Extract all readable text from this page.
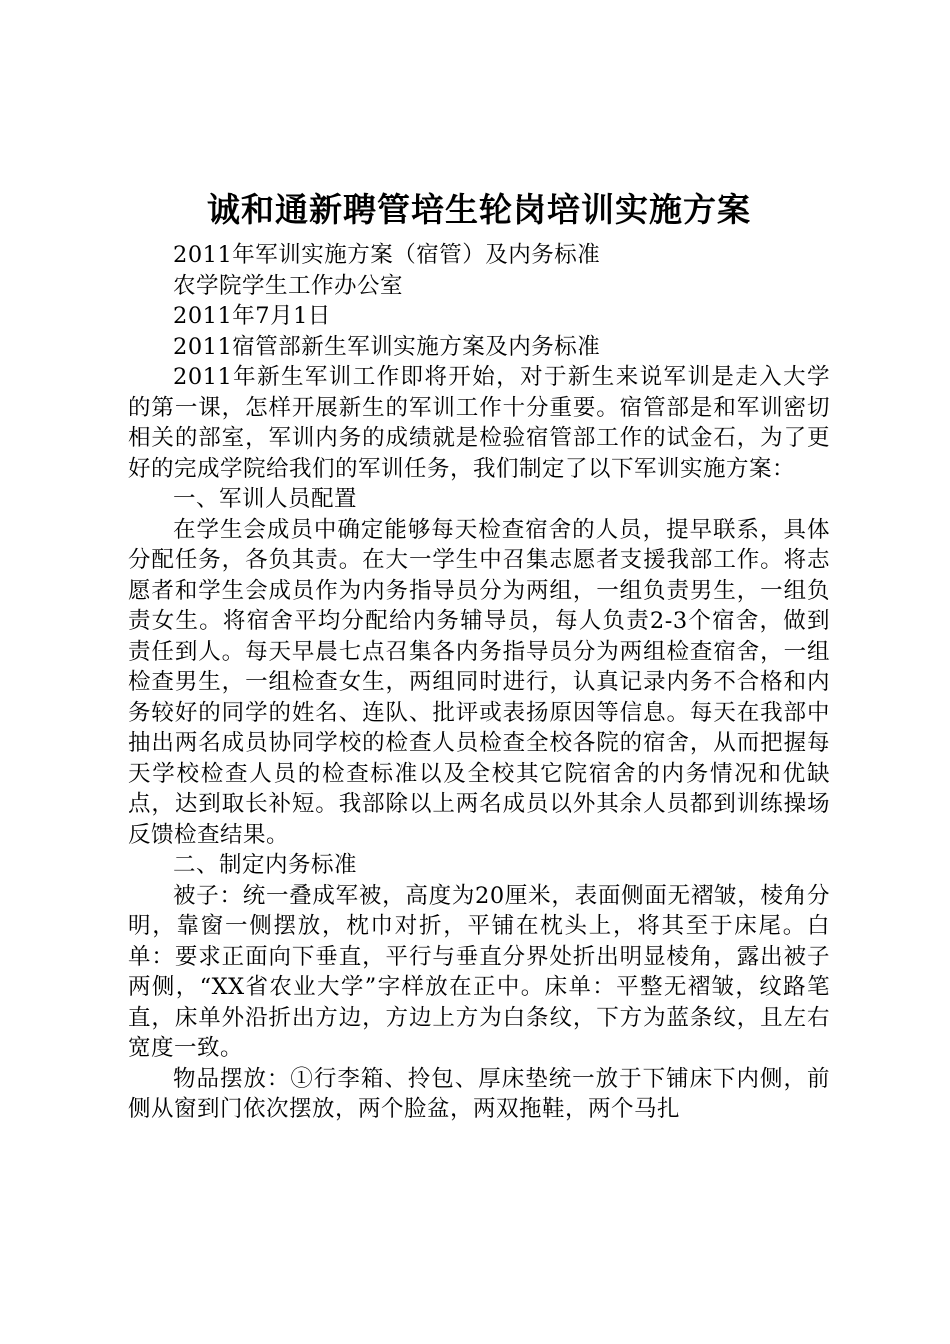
诚和通新聘管培生轮岗培训实施方案

2011年军训实施方案（宿管）及内务标准

农学院学生工作办公室

2011年7月1日

2011宿管部新生军训实施方案及内务标准

2011年新生军训工作即将开始，对于新生来说军训是走入大学的第一课，怎样开展新生的军训工作十分重要。宿管部是和军训密切相关的部室，军训内务的成绩就是检验宿管部工作的试金石，为了更好的完成学院给我们的军训任务，我们制定了以下军训实施方案：

一、军训人员配置

在学生会成员中确定能够每天检查宿舍的人员，提早联系，具体分配任务，各负其责。在大一学生中召集志愿者支援我部工作。将志愿者和学生会成员作为内务指导员分为两组，一组负责男生，一组负责女生。将宿舍平均分配给内务辅导员，每人负责2-3个宿舍，做到责任到人。每天早晨七点召集各内务指导员分为两组检查宿舍，一组检查男生，一组检查女生，两组同时进行，认真记录内务不合格和内务较好的同学的姓名、连队、批评或表扬原因等信息。每天在我部中抽出两名成员协同学校的检查人员检查全校各院的宿舍，从而把握每天学校检查人员的检查标准以及全校其它院宿舍的内务情况和优缺点，达到取长补短。我部除以上两名成员以外其余人员都到训练操场反馈检查结果。

二、制定内务标准

被子：统一叠成军被，高度为20厘米，表面侧面无褶皱，棱角分明，靠窗一侧摆放，枕巾对折，平铺在枕头上，将其至于床尾。白单：要求正面向下垂直，平行与垂直分界处折出明显棱角，露出被子两侧，“XX省农业大学”字样放在正中。床单：平整无褶皱，纹路笔直，床单外沿折出方边，方边上方为白条纹，下方为蓝条纹，且左右宽度一致。

物品摆放：①行李箱、拎包、厚床垫统一放于下铺床下内侧，前侧从窗到门依次摆放，两个脸盆，两双拖鞋，两个马扎
